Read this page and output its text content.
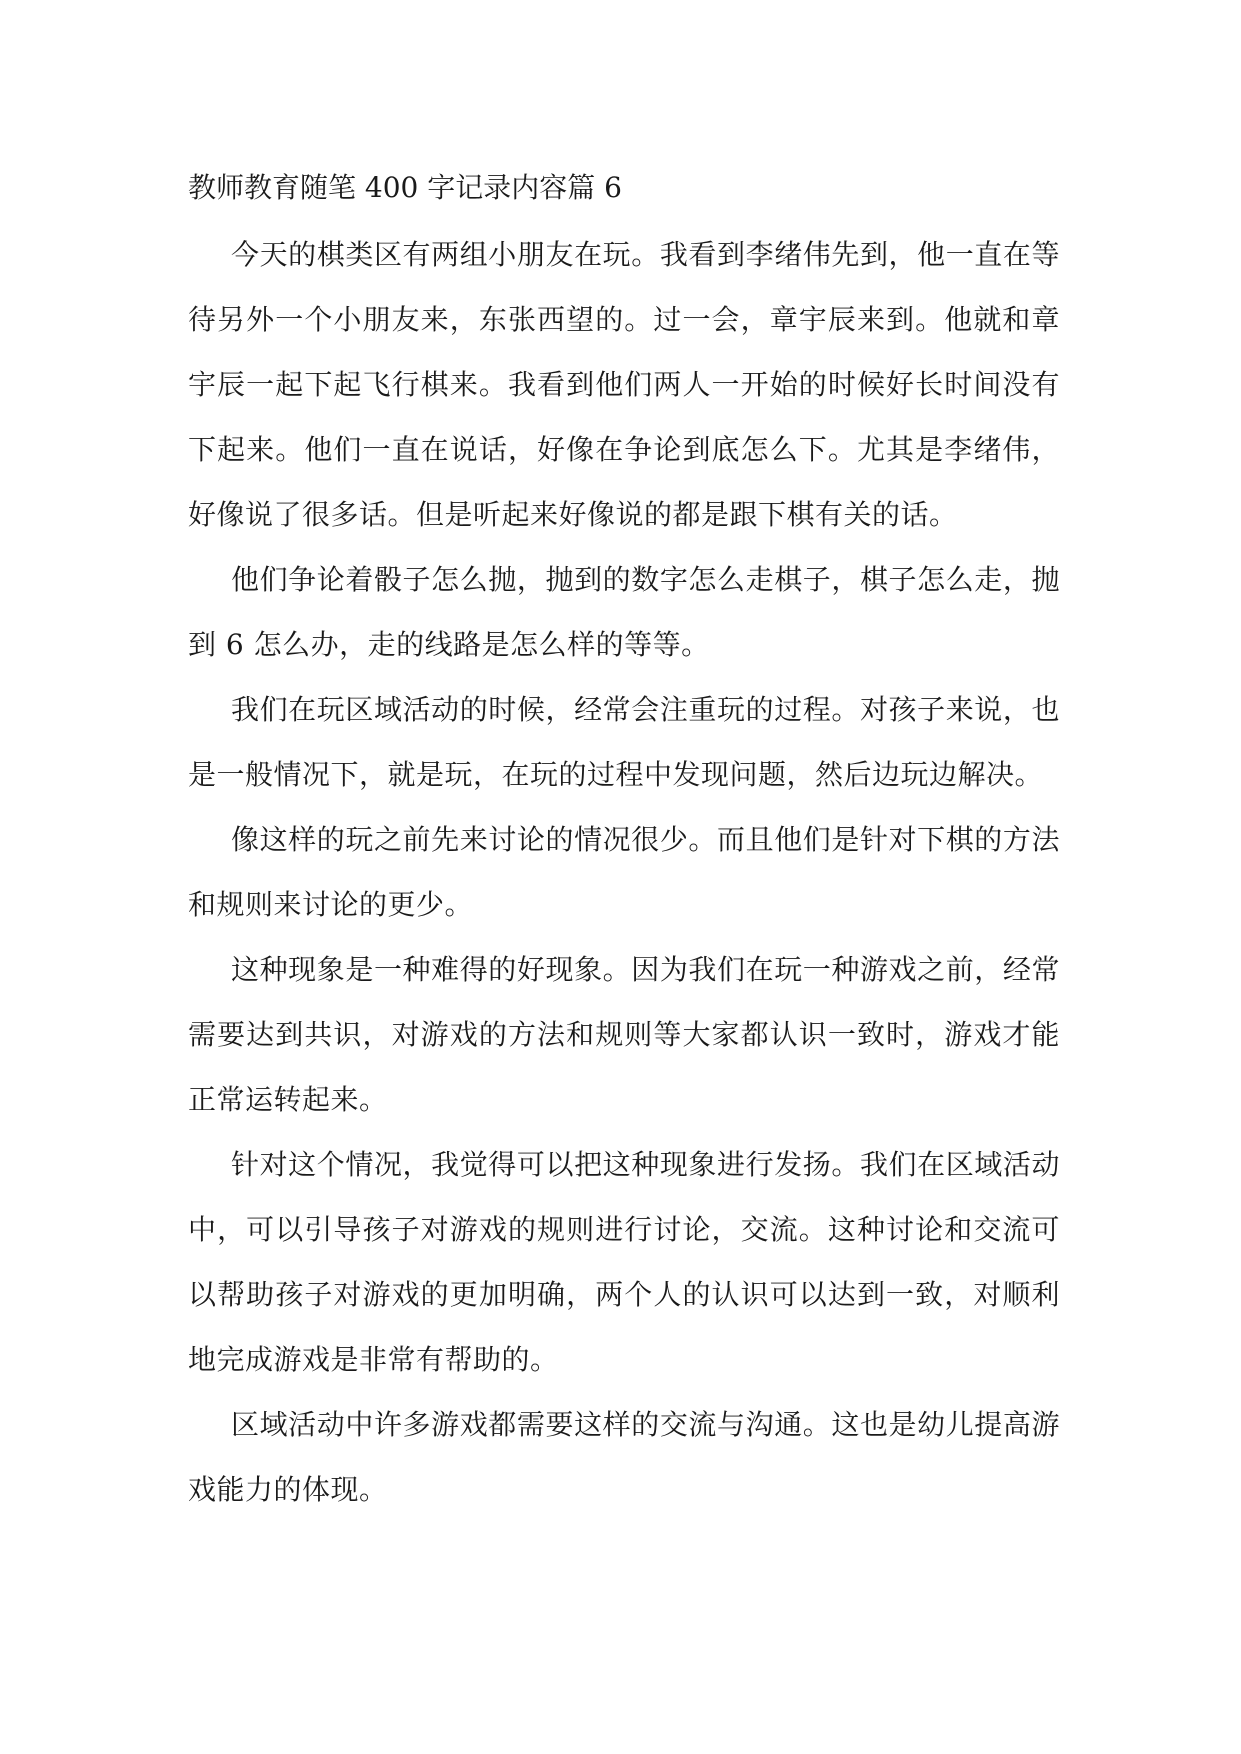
教师教育随笔 400 字记录内容篇 6

今天的棋类区有两组小朋友在玩。我看到李绪伟先到，他一直在等待另外一个小朋友来，东张西望的。过一会，章宇辰来到。他就和章宇辰一起下起飞行棋来。我看到他们两人一开始的时候好长时间没有下起来。他们一直在说话，好像在争论到底怎么下。尤其是李绪伟，好像说了很多话。但是听起来好像说的都是跟下棋有关的话。

他们争论着骰子怎么抛，抛到的数字怎么走棋子，棋子怎么走，抛到 6 怎么办，走的线路是怎么样的等等。

我们在玩区域活动的时候，经常会注重玩的过程。对孩子来说，也是一般情况下，就是玩，在玩的过程中发现问题，然后边玩边解决。

像这样的玩之前先来讨论的情况很少。而且他们是针对下棋的方法和规则来讨论的更少。

这种现象是一种难得的好现象。因为我们在玩一种游戏之前，经常需要达到共识，对游戏的方法和规则等大家都认识一致时，游戏才能正常运转起来。

针对这个情况，我觉得可以把这种现象进行发扬。我们在区域活动中，可以引导孩子对游戏的规则进行讨论，交流。这种讨论和交流可以帮助孩子对游戏的更加明确，两个人的认识可以达到一致，对顺利地完成游戏是非常有帮助的。

区域活动中许多游戏都需要这样的交流与沟通。这也是幼儿提高游戏能力的体现。
